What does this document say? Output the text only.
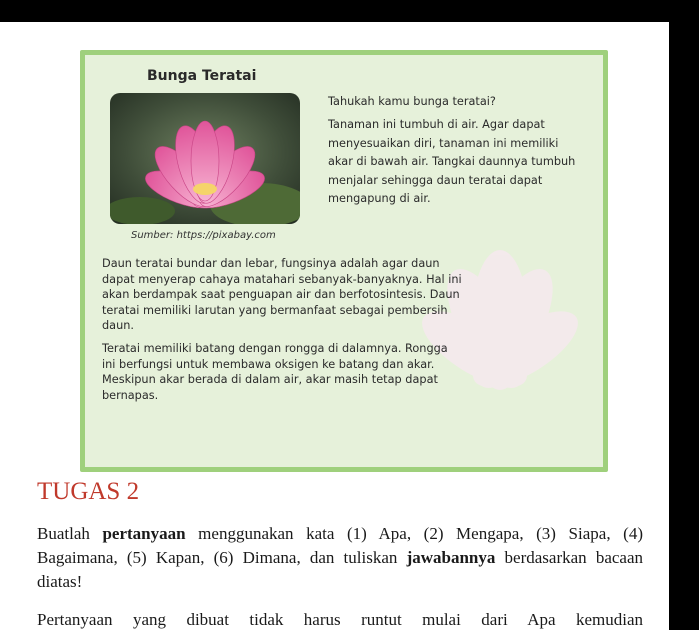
Bunga Teratai

Sumber: https://pixabay.com

Tahukah kamu bunga teratai?

Tanaman ini tumbuh di air. Agar dapat menyesuaikan diri, tanaman ini memiliki akar di bawah air. Tangkai daunnya tumbuh menjalar sehingga daun teratai dapat mengapung di air.

Daun teratai bundar dan lebar, fungsinya adalah agar daun dapat menyerap cahaya matahari sebanyak-banyaknya. Hal ini akan berdampak saat penguapan air dan berfotosintesis. Daun teratai memiliki larutan yang bermanfaat sebagai pembersih daun.

Teratai memiliki batang dengan rongga di dalamnya. Rongga ini berfungsi untuk membawa oksigen ke batang dan akar. Meskipun akar berada di dalam air, akar masih tetap dapat bernapas.

TUGAS 2

Buatlah pertanyaan menggunakan kata (1) Apa, (2) Mengapa, (3) Siapa, (4) Bagaimana, (5) Kapan, (6) Dimana, dan tuliskan jawabannya berdasarkan bacaan diatas!

Pertanyaan yang dibuat tidak harus runtut mulai dari Apa kemudian
